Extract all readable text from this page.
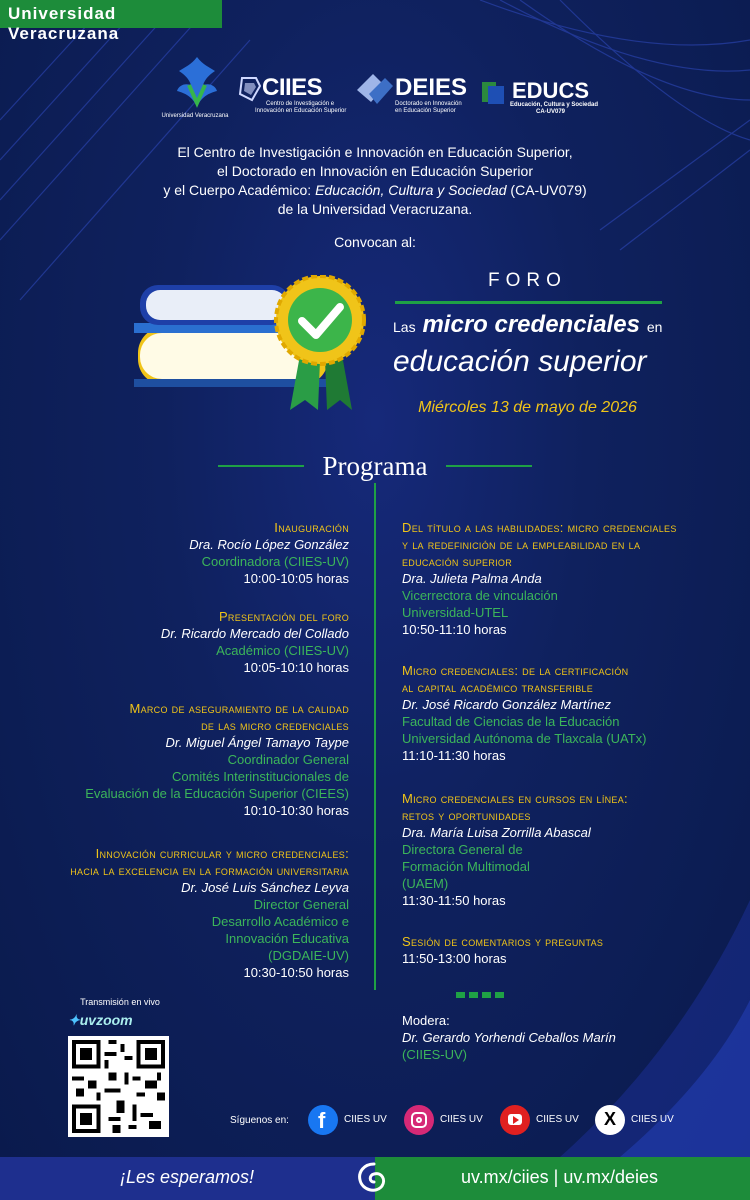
Universidad Veracruzana
Universidad Veracruzana
CIIES
Centro de Investigación e
Innovación en Educación Superior
DEIES
Doctorado en Innovación
en Educación Superior
EDUCS
Educación, Cultura y Sociedad
CA-UV079
El Centro de Investigación e Innovación en Educación Superior,
el Doctorado en Innovación en Educación Superior
y el Cuerpo Académico: Educación, Cultura y Sociedad (CA-UV079)
de la Universidad Veracruzana.
Convocan al:
FORO
Las micro credenciales en
educación superior
Miércoles 13 de mayo de 2026
Programa
Inauguración
Dra. Rocío López González
Coordinadora (CIIES-UV)
10:00-10:05 horas
Presentación del foro
Dr. Ricardo Mercado del Collado
Académico (CIIES-UV)
10:05-10:10 horas
Marco de aseguramiento de la calidad
de las micro credenciales
Dr. Miguel Ángel Tamayo Taype
Coordinador General
Comités Interinstitucionales de
Evaluación de la Educación Superior (CIEES)
10:10-10:30 horas
Innovación curricular y micro credenciales:
hacia la excelencia en la formación universitaria
Dr. José Luis Sánchez Leyva
Director General
Desarrollo Académico e
Innovación Educativa
(DGDAIE-UV)
10:30-10:50 horas
Del título a las habilidades: micro credenciales
y la redefinición de la empleabilidad en la
educación superior
Dra. Julieta Palma Anda
Vicerrectora de vinculación
Universidad-UTEL
10:50-11:10 horas
Micro credenciales: de la certificación
al capital académico transferible
Dr. José Ricardo González Martínez
Facultad de Ciencias de la Educación
Universidad Autónoma de Tlaxcala (UATx)
11:10-11:30 horas
Micro credenciales en cursos en línea:
retos y oportunidades
Dra. María Luisa Zorrilla Abascal
Directora General de
Formación Multimodal
(UAEM)
11:30-11:50 horas
Sesión de comentarios y preguntas
11:50-13:00 horas
Modera:
Dr. Gerardo Yorhendi Ceballos Marín
(CIIES-UV)
Transmisión en vivo
✦uvzoom
Síguenos en: f CIIES UV	CIIES UV	CIIES UV	X	CIIES UV
¡Les esperamos!	uv.mx/ciies | uv.mx/deies
